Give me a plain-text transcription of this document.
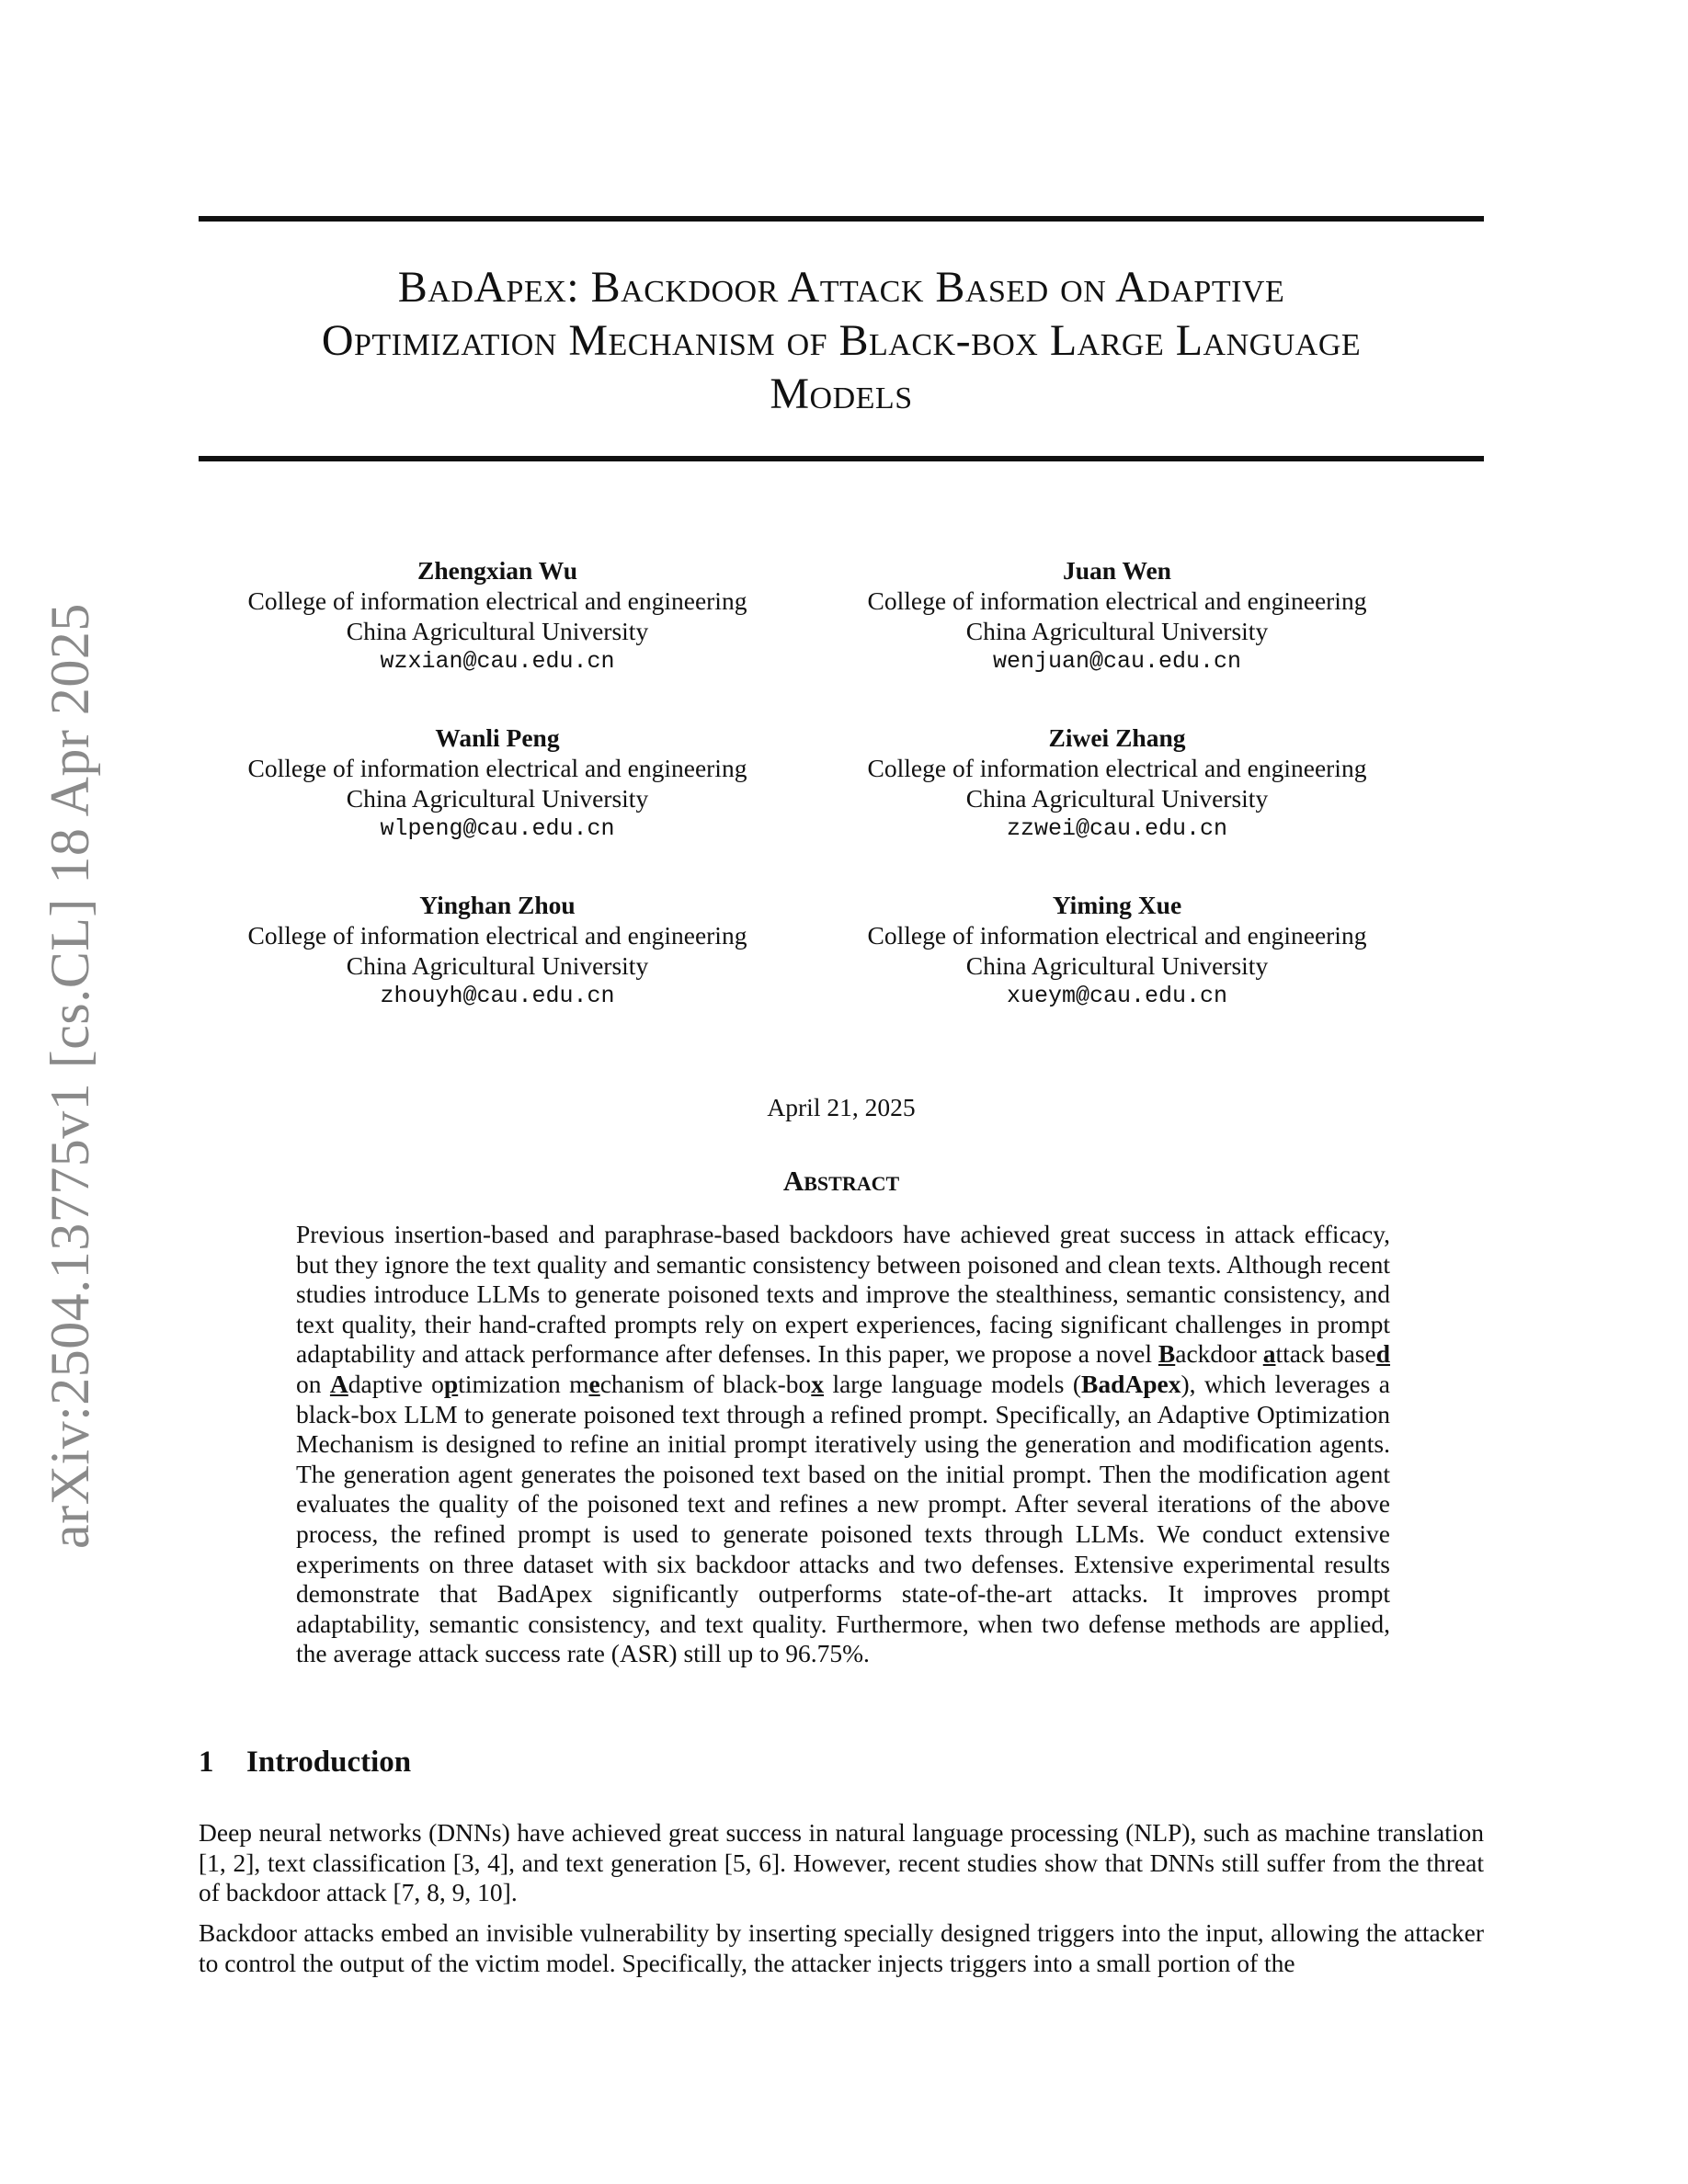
arXiv:2504.13775v1 [cs.CL] 18 Apr 2025
BadApex: Backdoor Attack Based on Adaptive
Optimization Mechanism of Black-box Large Language
Models
Zhengxian Wu
College of information electrical and engineering
China Agricultural University
wzxian@cau.edu.cn
Juan Wen
College of information electrical and engineering
China Agricultural University
wenjuan@cau.edu.cn
Wanli Peng
College of information electrical and engineering
China Agricultural University
wlpeng@cau.edu.cn
Ziwei Zhang
College of information electrical and engineering
China Agricultural University
zzwei@cau.edu.cn
Yinghan Zhou
College of information electrical and engineering
China Agricultural University
zhouyh@cau.edu.cn
Yiming Xue
College of information electrical and engineering
China Agricultural University
xueym@cau.edu.cn
April 21, 2025
Abstract
Previous insertion-based and paraphrase-based backdoors have achieved great success in attack efficacy, but they ignore the text quality and semantic consistency between poisoned and clean texts. Although recent studies introduce LLMs to generate poisoned texts and improve the stealthiness, semantic consistency, and text quality, their hand-crafted prompts rely on expert experiences, facing significant challenges in prompt adaptability and attack performance after defenses. In this paper, we propose a novel Backdoor attack based on Adaptive optimization mechanism of black-box large language models (BadApex), which leverages a black-box LLM to generate poisoned text through a refined prompt. Specifically, an Adaptive Optimization Mechanism is designed to refine an initial prompt iteratively using the generation and modification agents. The generation agent generates the poisoned text based on the initial prompt. Then the modification agent evaluates the quality of the poisoned text and refines a new prompt. After several iterations of the above process, the refined prompt is used to generate poisoned texts through LLMs. We conduct extensive experiments on three dataset with six backdoor attacks and two defenses. Extensive experimental results demonstrate that BadApex significantly outperforms state-of-the-art attacks. It improves prompt adaptability, semantic consistency, and text quality. Furthermore, when two defense methods are applied, the average attack success rate (ASR) still up to 96.75%.
1 Introduction
Deep neural networks (DNNs) have achieved great success in natural language processing (NLP), such as machine translation [1, 2], text classification [3, 4], and text generation [5, 6]. However, recent studies show that DNNs still suffer from the threat of backdoor attack [7, 8, 9, 10].
Backdoor attacks embed an invisible vulnerability by inserting specially designed triggers into the input, allowing the attacker to control the output of the victim model. Specifically, the attacker injects triggers into a small portion of the
